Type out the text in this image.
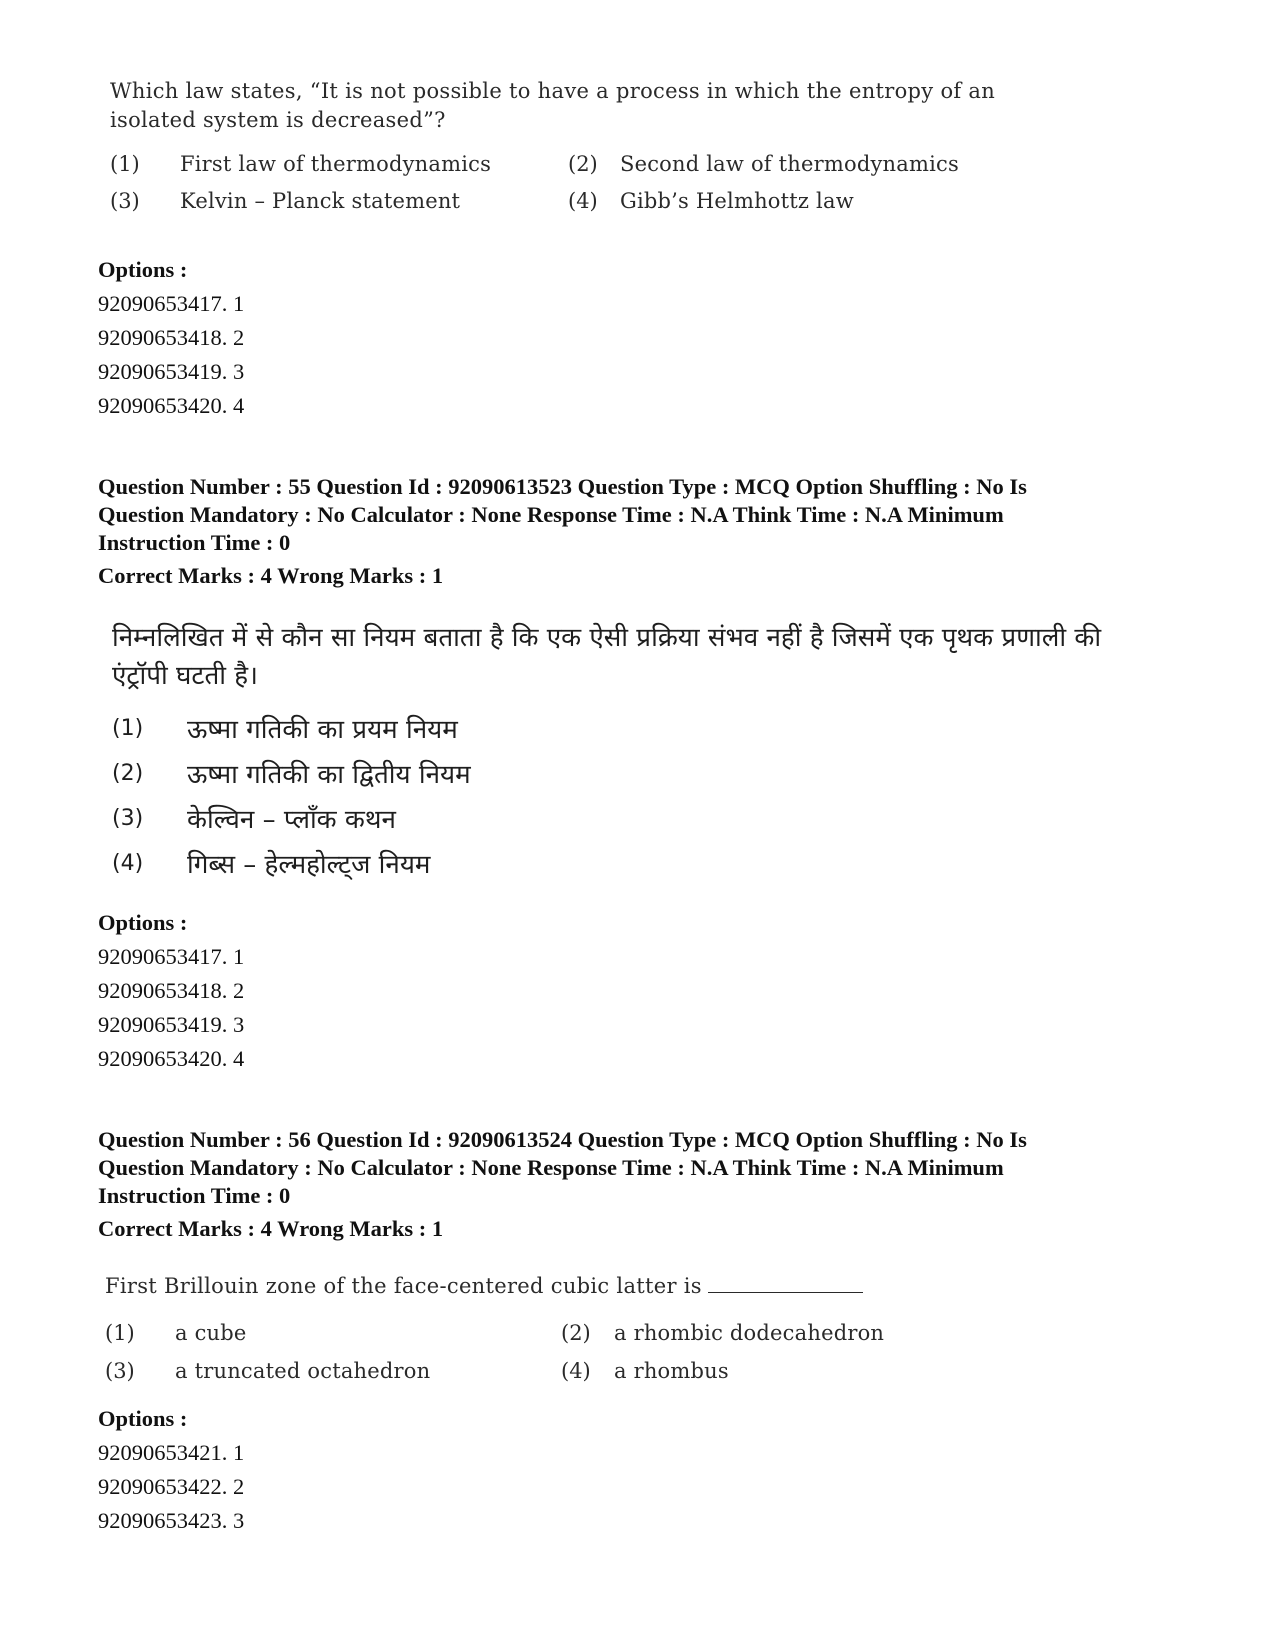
Which law states, “It is not possible to have a process in which the entropy of an
isolated system is decreased”?
(1) First law of thermodynamics	(2) Second law of thermodynamics
(3) Kelvin – Planck statement	(4) Gibb’s Helmhottz law
Options :
92090653417. 1
92090653418. 2
92090653419. 3
92090653420. 4
Question Number : 55 Question Id : 92090613523 Question Type : MCQ Option Shuffling : No Is
Question Mandatory : No Calculator : None Response Time : N.A Think Time : N.A Minimum
Instruction Time : 0
Correct Marks : 4 Wrong Marks : 1
निम्नलिखित में से कौन सा नियम बताता है कि एक ऐसी प्रक्रिया संभव नहीं है जिसमें एक पृथक प्रणाली की
एंट्रॉपी घटती है।
(1) ऊष्मा गतिकी का प्रयम नियम
(2) ऊष्मा गतिकी का द्वितीय नियम
(3) केल्विन – प्लाँक कथन
(4) गिब्स – हेल्महोल्ट्ज नियम
Options :
92090653417. 1
92090653418. 2
92090653419. 3
92090653420. 4
Question Number : 56 Question Id : 92090613524 Question Type : MCQ Option Shuffling : No Is
Question Mandatory : No Calculator : None Response Time : N.A Think Time : N.A Minimum
Instruction Time : 0
Correct Marks : 4 Wrong Marks : 1
First Brillouin zone of the face-centered cubic latter is
(1) a cube	(2) a rhombic dodecahedron
(3) a truncated octahedron	(4) a rhombus
Options :
92090653421. 1
92090653422. 2
92090653423. 3
